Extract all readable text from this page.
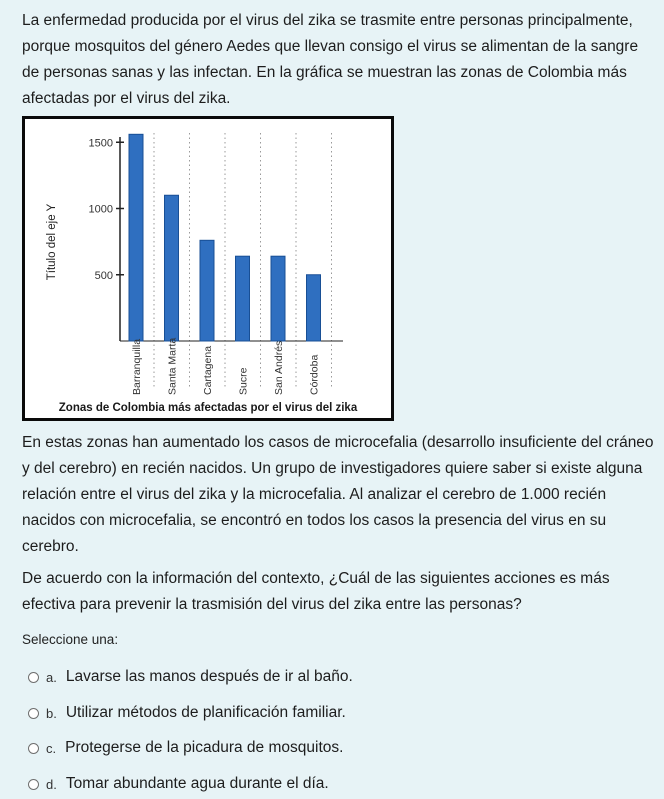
La enfermedad producida por el virus del zika se trasmite entre personas principalmente, porque mosquitos del género Aedes que llevan consigo el virus se alimentan de la sangre de personas sanas y las infectan. En la gráfica se muestran las zonas de Colombia más afectadas por el virus del zika.

500
1000
1500
Título del eje Y
Barranquilla Santa Marta Cartagena Sucre San Andrés Córdoba
Zonas de Colombia más afectadas por el virus del zika

En estas zonas han aumentado los casos de microcefalia (desarrollo insuficiente del cráneo y del cerebro) en recién nacidos. Un grupo de investigadores quiere saber si existe alguna relación entre el virus del zika y la microcefalia. Al analizar el cerebro de 1.000 recién nacidos con microcefalia, se encontró en todos los casos la presencia del virus en su cerebro.

De acuerdo con la información del contexto, ¿Cuál de las siguientes acciones es más efectiva para prevenir la trasmisión del virus del zika entre las personas?

Seleccione una:
a. Lavarse las manos después de ir al baño.
b. Utilizar métodos de planificación familiar.
c. Protegerse de la picadura de mosquitos.
d. Tomar abundante agua durante el día.
